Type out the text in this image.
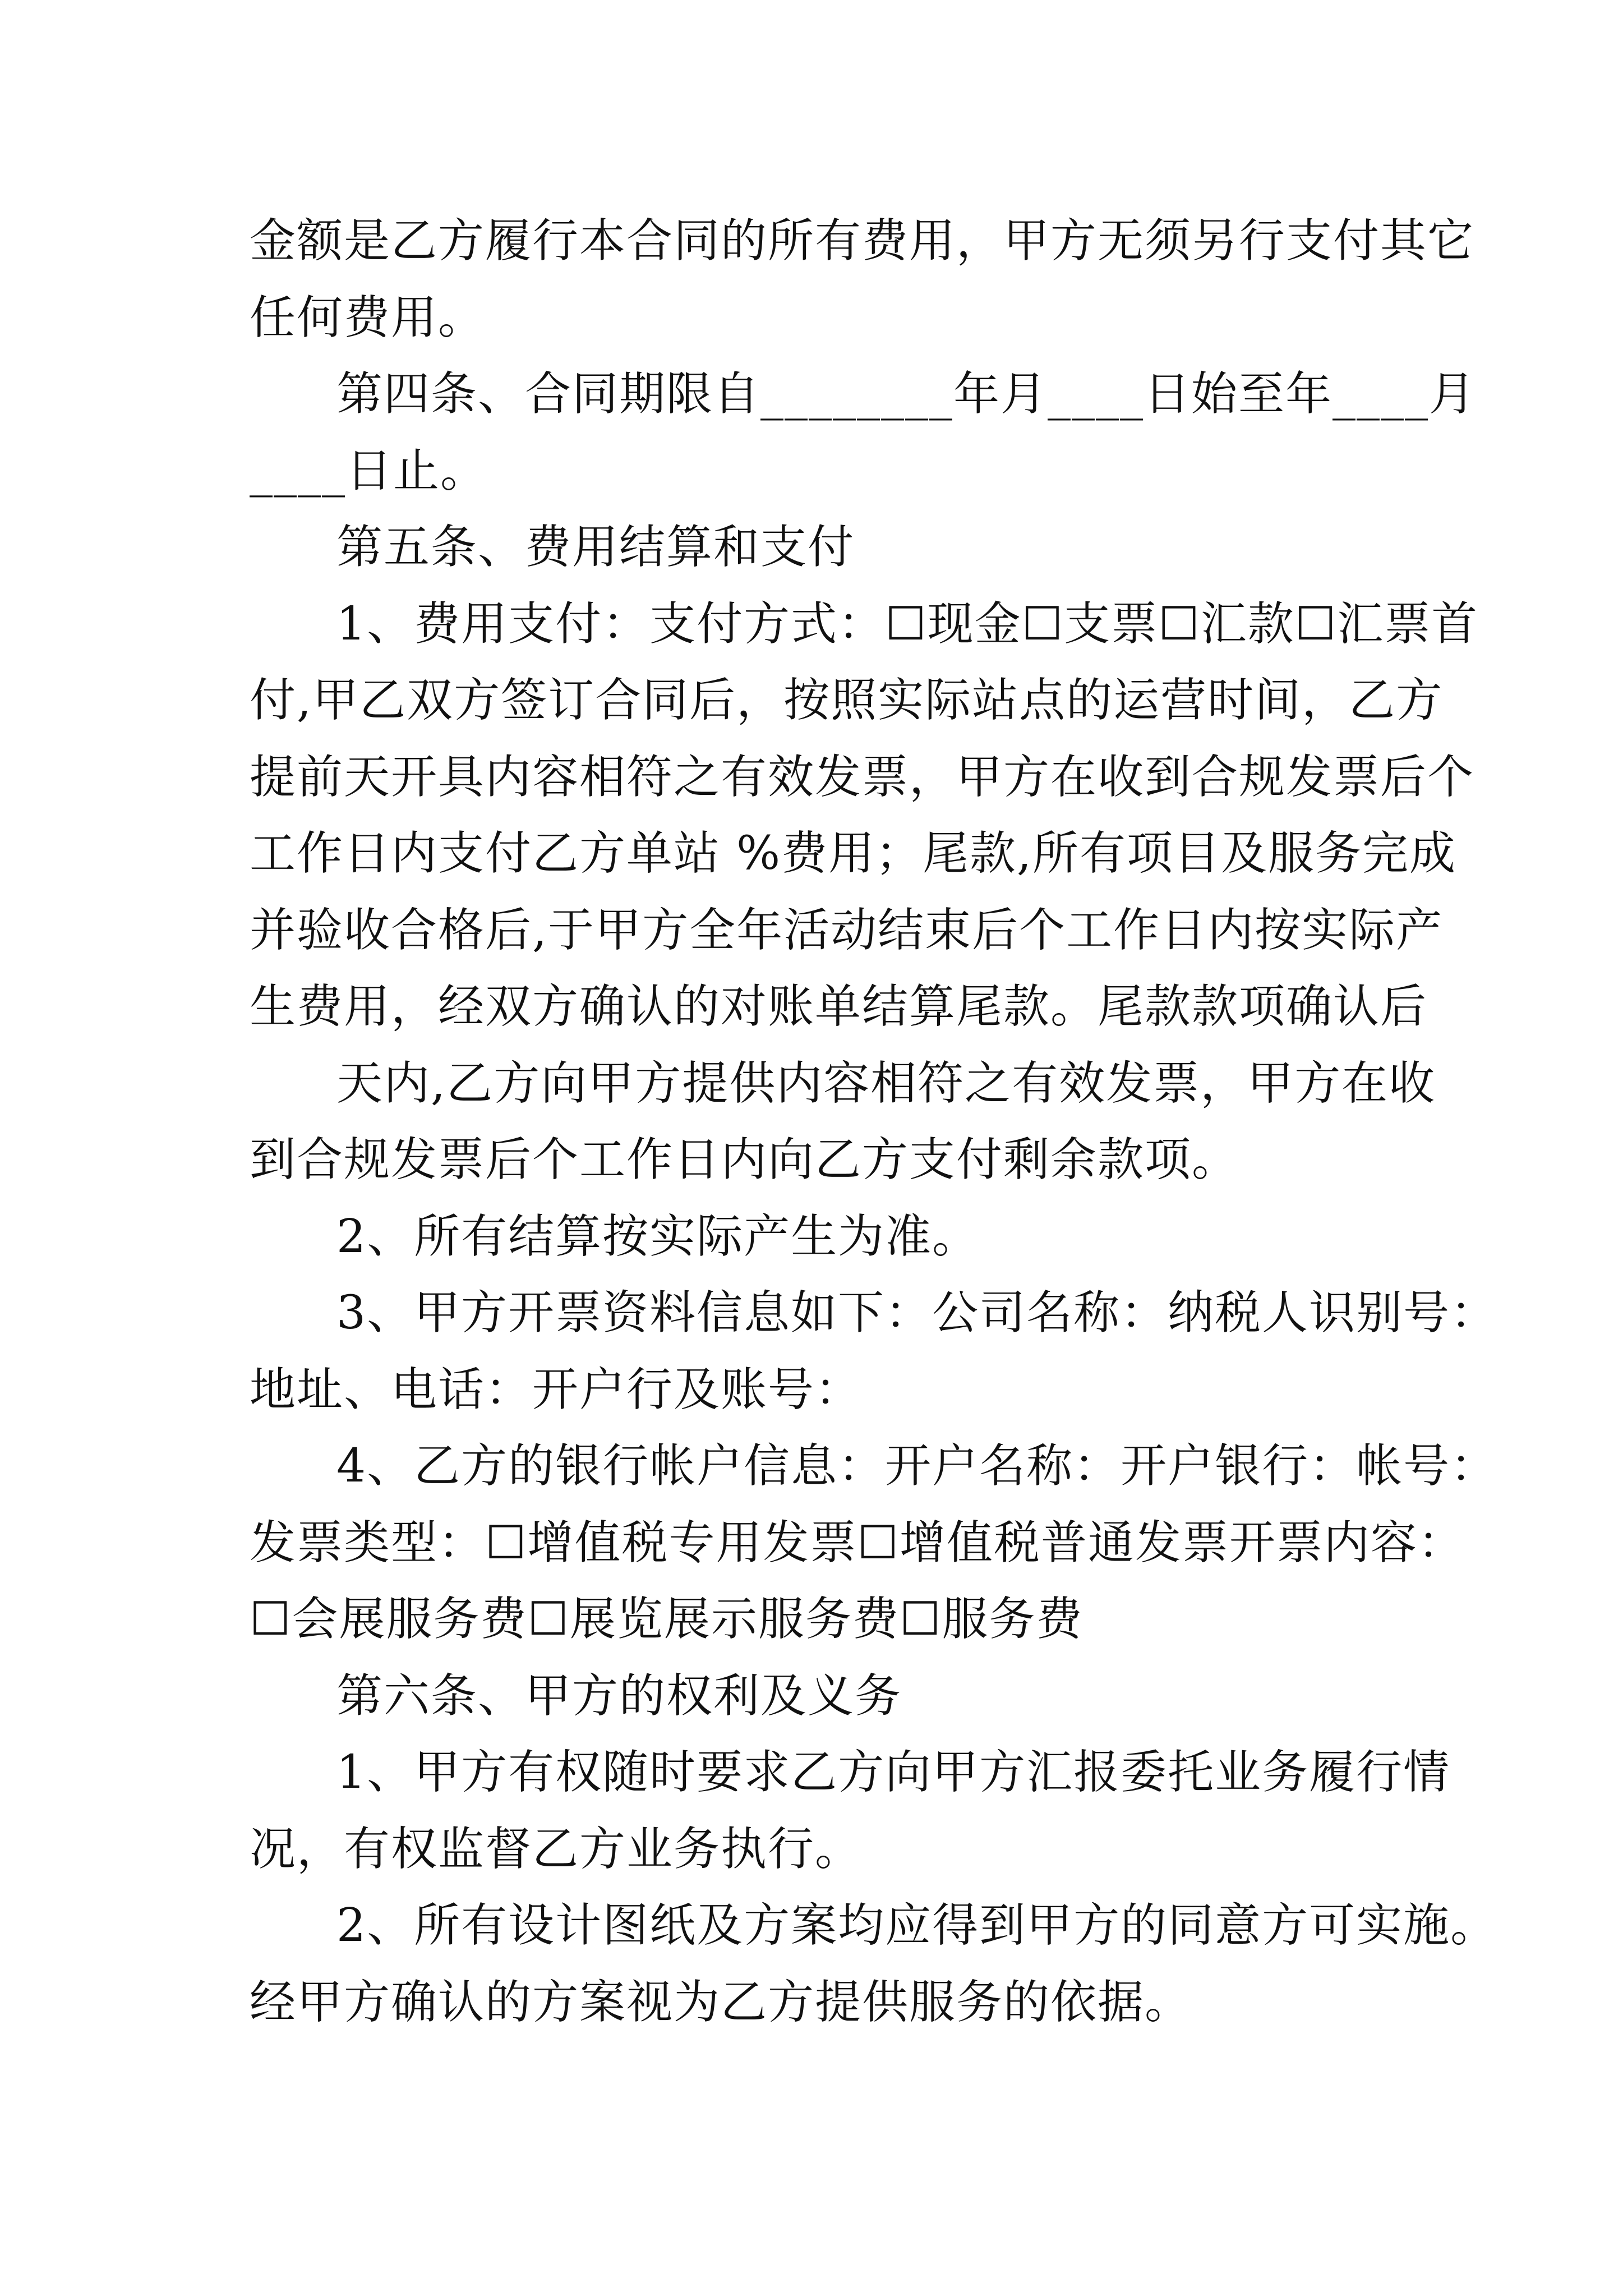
金额是乙方履行本合同的所有费用，甲方无须另行支付其它

任何费用。

第四条、合同期限自________年月____日始至年____月

____日止。

第五条、费用结算和支付

1、费用支付：支付方式：☐现金☐支票☐汇款☐汇票首

付,甲乙双方签订合同后，按照实际站点的运营时间，乙方

提前天开具内容相符之有效发票，甲方在收到合规发票后个

工作日内支付乙方单站 %费用；尾款,所有项目及服务完成

并验收合格后,于甲方全年活动结束后个工作日内按实际产

生费用，经双方确认的对账单结算尾款。尾款款项确认后

天内,乙方向甲方提供内容相符之有效发票，甲方在收

到合规发票后个工作日内向乙方支付剩余款项。

2、所有结算按实际产生为准。

3、甲方开票资料信息如下：公司名称：纳税人识别号：

地址、电话：开户行及账号：

4、乙方的银行帐户信息：开户名称：开户银行：帐号：

发票类型：☐增值税专用发票☐增值税普通发票开票内容：

☐会展服务费☐展览展示服务费☐服务费

第六条、甲方的权利及义务

1、甲方有权随时要求乙方向甲方汇报委托业务履行情

况，有权监督乙方业务执行。

2、所有设计图纸及方案均应得到甲方的同意方可实施。

经甲方确认的方案视为乙方提供服务的依据。
